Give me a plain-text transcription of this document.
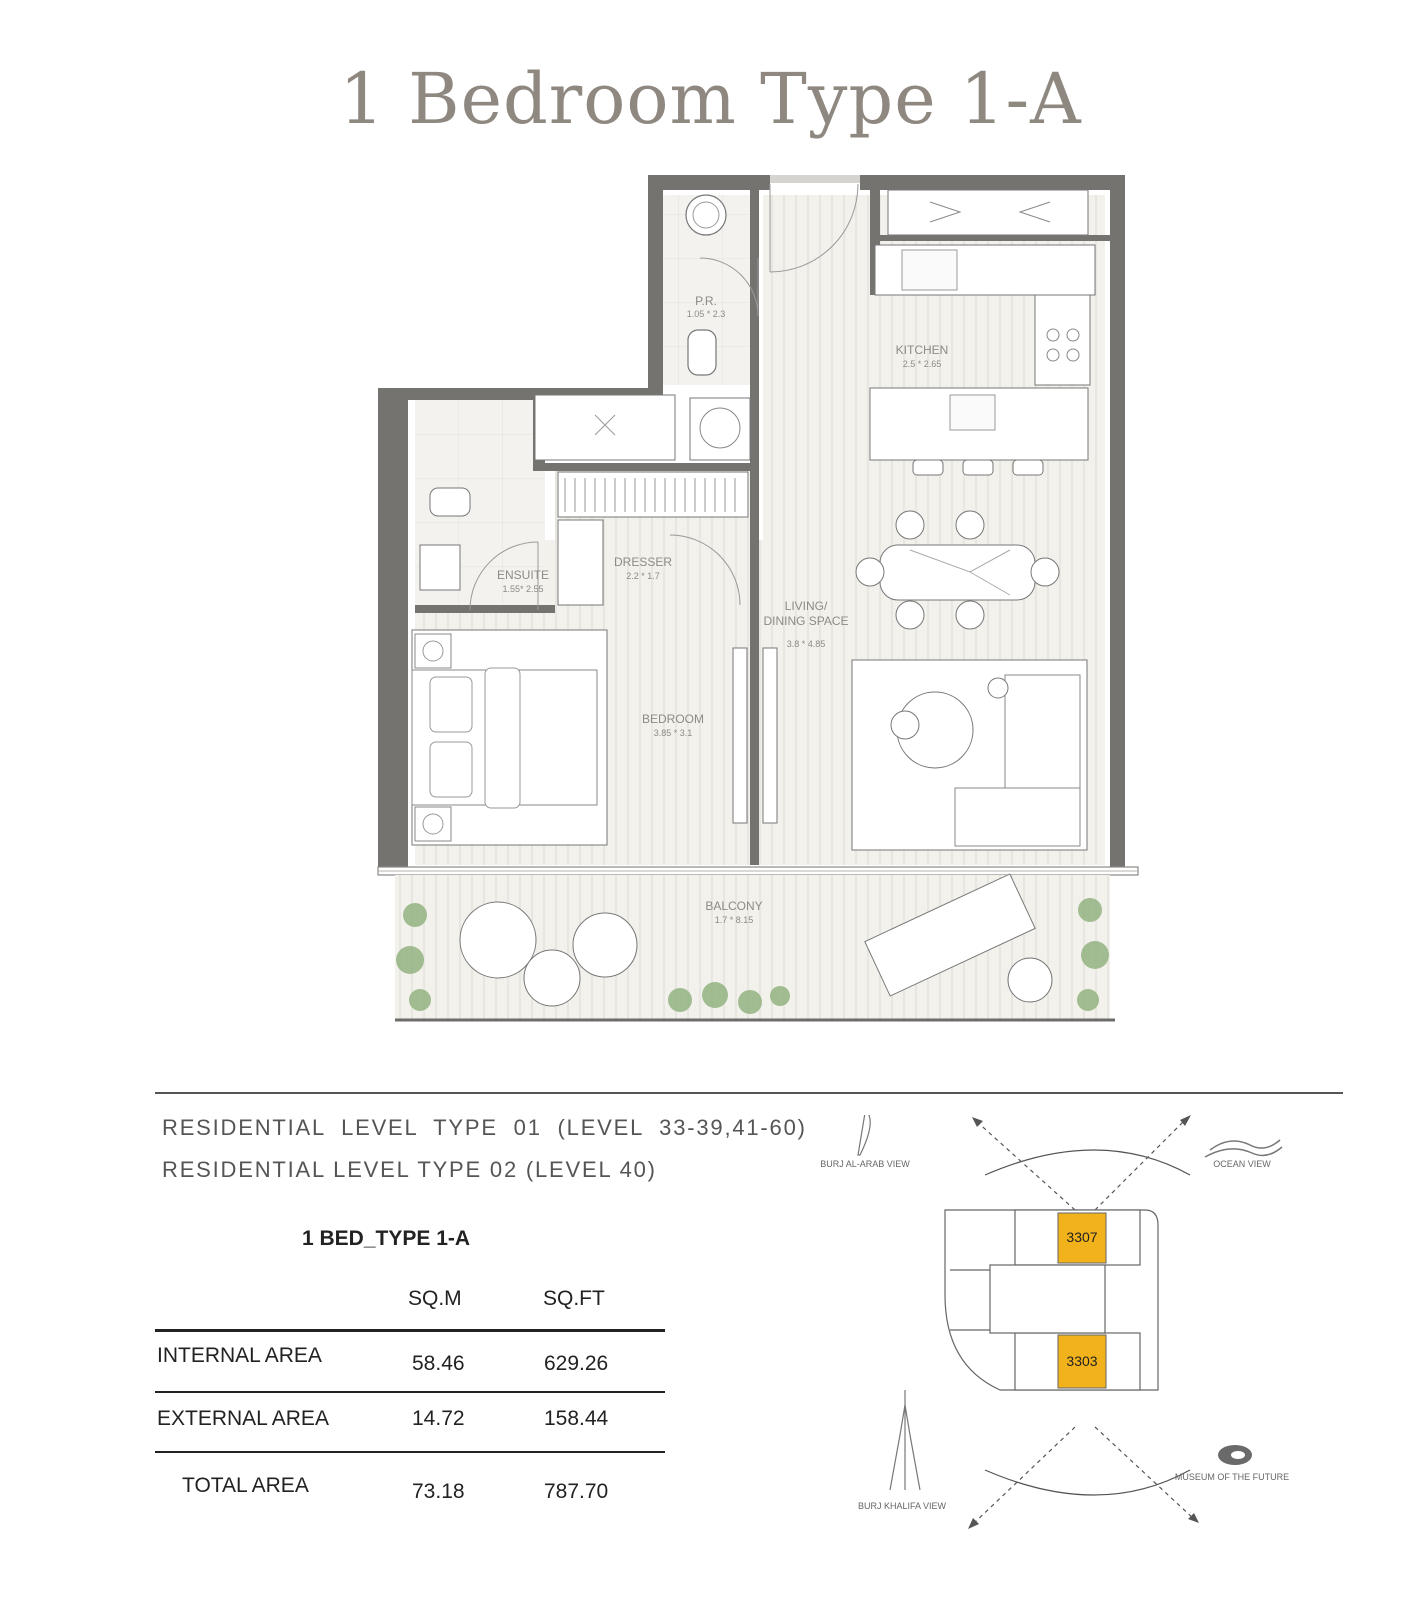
1 Bedroom Type 1-A
P.R.
1.05 * 2.3
KITCHEN
2.5 * 2.65
ENSUITE
1.55* 2.55
DRESSER
2.2 * 1.7
LIVING/
DINING SPACE
3.8 * 4.85
BEDROOM
3.85 * 3.1
BALCONY
1.7 * 8.15
RESIDENTIAL  LEVEL  TYPE  01  (LEVEL  33-39,41-60)
RESIDENTIAL LEVEL TYPE 02 (LEVEL 40)
1 BED_TYPE 1-A
SQ.M	SQ.FT
INTERNAL AREA	58.46	629.26
EXTERNAL AREA	14.72	158.44
TOTAL AREA	73.18	787.70
3307
3303
BURJ AL-ARAB VIEW	OCEAN VIEW
BURJ KHALIFA VIEW
MUSEUM OF THE FUTURE
